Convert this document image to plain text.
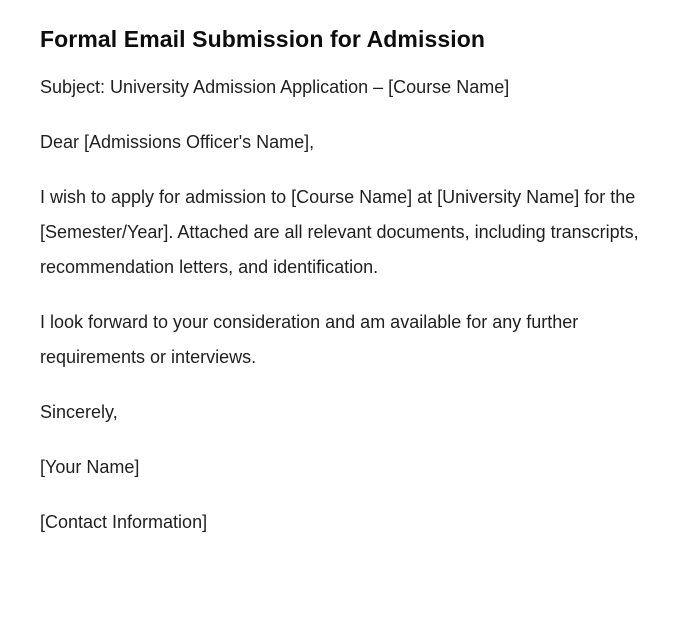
Formal Email Submission for Admission

Subject: University Admission Application – [Course Name]

Dear [Admissions Officer's Name],

I wish to apply for admission to [Course Name] at [University Name] for the [Semester/Year]. Attached are all relevant documents, including transcripts, recommendation letters, and identification.

I look forward to your consideration and am available for any further requirements or interviews.

Sincerely,

[Your Name]

[Contact Information]
